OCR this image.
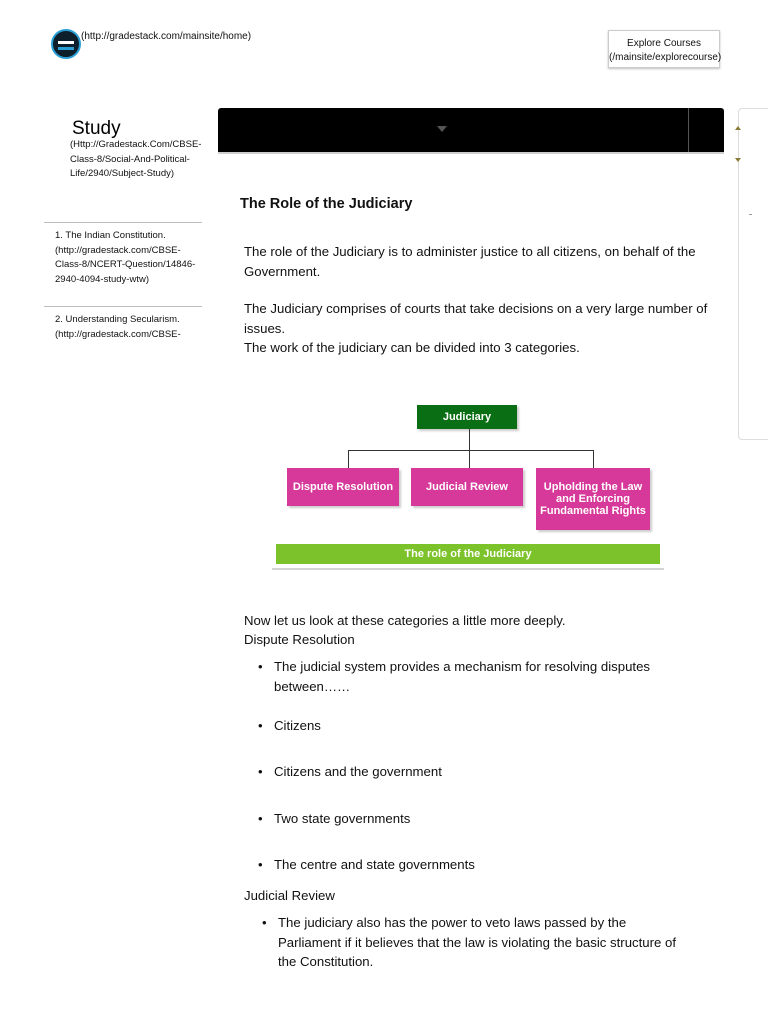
(http://gradestack.com/mainsite/home)
Explore Courses
(/mainsite/explorecourse)
Study
(Http://Gradestack.Com/CBSE-Class-8/Social-And-Political-Life/2940/Subject-Study)
1. The Indian Constitution. (http://gradestack.com/CBSE-Class-8/NCERT-Question/14846-2940-4094-study-wtw)
2. Understanding Secularism. (http://gradestack.com/CBSE-
The Role of the Judiciary
The role of the Judiciary is to administer justice to all citizens, on behalf of the Government.
The Judiciary comprises of courts that take decisions on a very large number of issues.
The work of the judiciary can be divided into 3 categories.
Judiciary
Dispute Resolution	Judicial Review	Upholding the Law and Enforcing Fundamental Rights
The role of the Judiciary
Now let us look at these categories a little more deeply.
Dispute Resolution
• The judicial system provides a mechanism for resolving disputes between……
• Citizens
• Citizens and the government
• Two state governments
• The centre and state governments
Judicial Review
• The judiciary also has the power to veto laws passed by the Parliament if it believes that the law is violating the basic structure of the Constitution.
